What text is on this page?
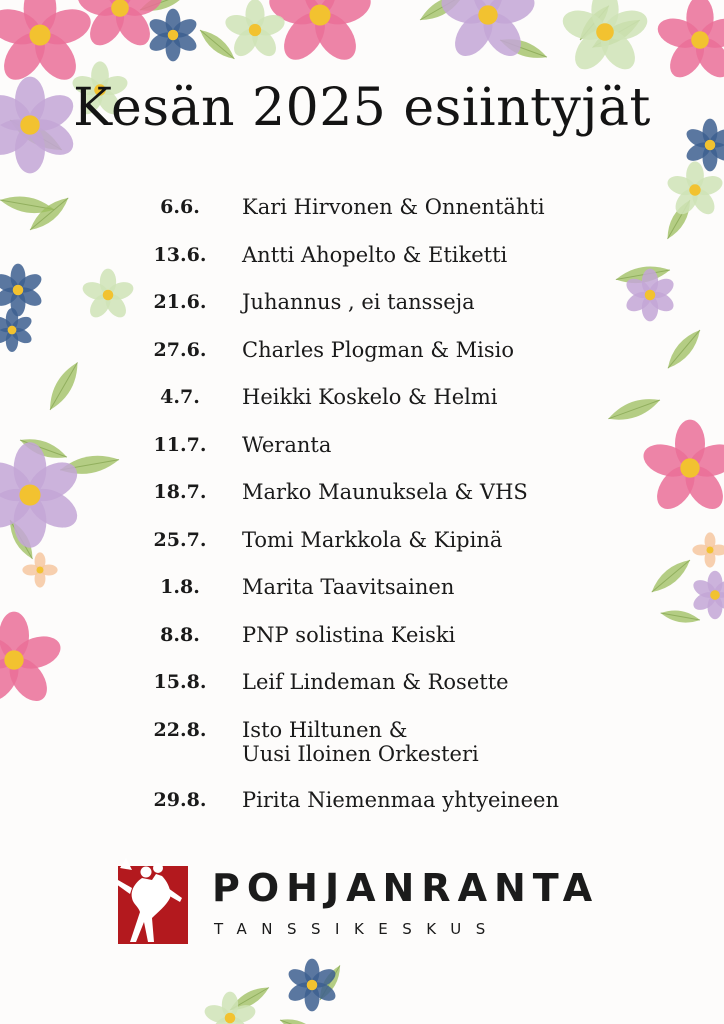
Kesän 2025 esiintyjät
6.6.	Kari Hirvonen & Onnentähti
13.6.	Antti Ahopelto & Etiketti
21.6.	Juhannus , ei tansseja
27.6.	Charles Plogman & Misio
4.7.	Heikki Koskelo & Helmi
11.7.	Weranta
18.7.	Marko Maunuksela & VHS
25.7.	Tomi Markkola & Kipinä
1.8.	Marita Taavitsainen
8.8.	PNP solistina Keiski
15.8.	Leif Lindeman & Rosette
22.8.	Isto Hiltunen &
Uusi Iloinen Orkesteri
29.8.	Pirita Niemenmaa yhtyeineen
POHJANRANTA
TANSSIKESKUS
